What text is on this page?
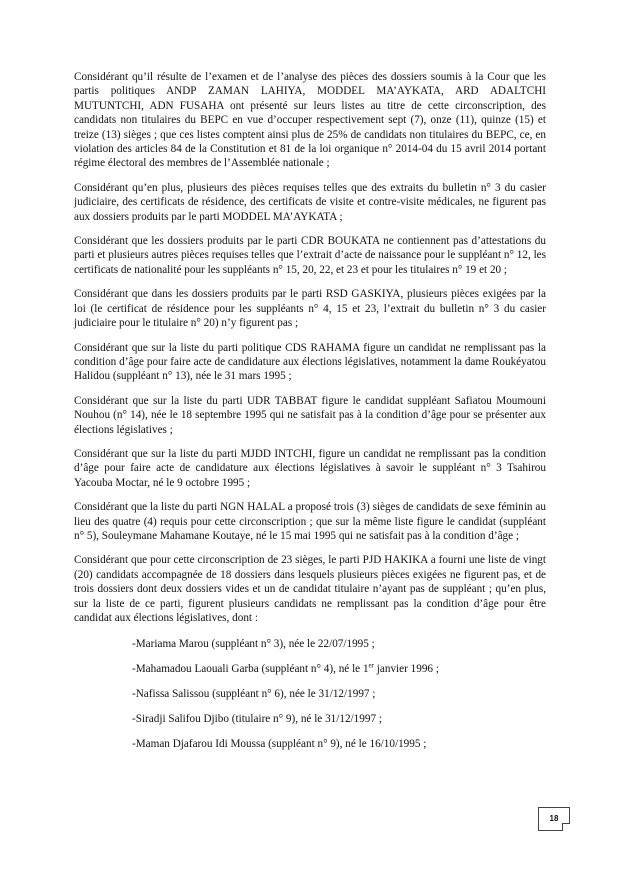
Considérant qu’il résulte de l’examen et de l’analyse des pièces des dossiers soumis à la Cour que les partis politiques ANDP ZAMAN LAHIYA, MODDEL MA’AYKATA, ARD ADALTCHI MUTUNTCHI, ADN FUSAHA ont présenté sur leurs listes au titre de cette circonscription, des candidats non titulaires du BEPC en vue d’occuper respectivement sept (7), onze (11), quinze (15) et treize (13) sièges ; que ces listes comptent ainsi plus de 25% de candidats non titulaires du BEPC, ce, en violation des articles 84 de la Constitution et 81 de la loi organique n° 2014-04 du 15 avril 2014 portant régime électoral des membres de l’Assemblée nationale ;

Considérant qu’en plus, plusieurs des pièces requises telles que des extraits du bulletin n° 3 du casier judiciaire, des certificats de résidence, des certificats de visite et contre-visite médicales, ne figurent pas aux dossiers produits par le parti MODDEL MA’AYKATA ;

Considérant que les dossiers produits par le parti CDR BOUKATA ne contiennent pas d’attestations du parti et plusieurs autres pièces requises telles que l’extrait d’acte de naissance pour le suppléant n° 12, les certificats de nationalité pour les suppléants n° 15, 20, 22, et 23 et pour les titulaires n° 19 et 20 ;

Considérant que dans les dossiers produits par le parti RSD GASKIYA, plusieurs pièces exigées par la loi (le certificat de résidence pour les suppléants n° 4, 15 et 23, l’extrait du bulletin n° 3 du casier judiciaire pour le titulaire n° 20) n’y figurent pas ;

Considérant que sur la liste du parti politique CDS RAHAMA figure un candidat ne remplissant pas la condition d’âge pour faire acte de candidature aux élections législatives, notamment la dame Roukéyatou Halidou (suppléant n° 13), née le 31 mars 1995 ;

Considérant que sur la liste du parti UDR TABBAT figure le candidat suppléant Safiatou Moumouni Nouhou (n° 14), née le 18 septembre 1995 qui ne satisfait pas à la condition d’âge pour se présenter aux élections législatives ;

Considérant que sur la liste du parti MJDD INTCHI, figure un candidat ne remplissant pas la condition d’âge pour faire acte de candidature aux élections législatives à savoir le suppléant n° 3 Tsahirou Yacouba Moctar, né le 9 octobre 1995 ;

Considérant que la liste du parti NGN HALAL a proposé trois (3) sièges de candidats de sexe féminin au lieu des quatre (4) requis pour cette circonscription ; que sur la même liste figure le candidat (suppléant n° 5), Souleymane Mahamane Koutaye, né le 15 mai 1995 qui ne satisfait pas à la condition d’âge ;

Considérant que pour cette circonscription de 23 sièges, le parti PJD HAKIKA a fourni une liste de vingt (20) candidats accompagnée de 18 dossiers dans lesquels plusieurs pièces exigées ne figurent pas, et de trois dossiers dont deux dossiers vides et un de candidat titulaire n’ayant pas de suppléant ; qu’en plus, sur la liste de ce parti, figurent plusieurs candidats ne remplissant pas la condition d’âge pour être candidat aux élections législatives, dont :

-Mariama Marou (suppléant n° 3), née le 22/07/1995 ;
-Mahamadou Laouali Garba (suppléant n° 4), né le 1er janvier 1996 ;
-Nafissa Salissou (suppléant n° 6), née le 31/12/1997 ;
-Siradji Salifou Djibo (titulaire n° 9), né le 31/12/1997 ;
-Maman Djafarou Idi Moussa (suppléant n° 9), né le 16/10/1995 ;
18
